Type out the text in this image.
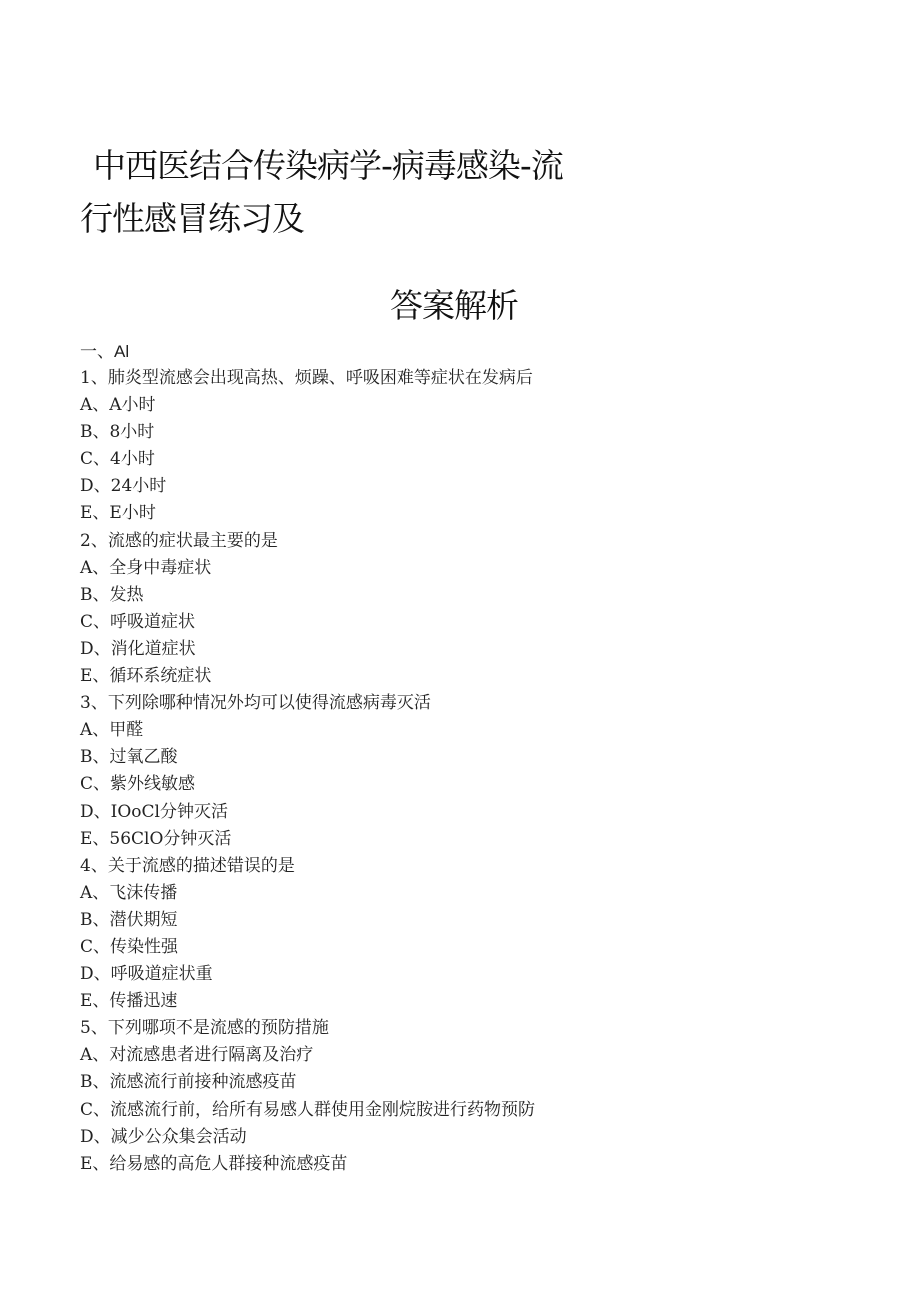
中西医结合传染病学-病毒感染-流
行性感冒练习及
答案解析
一、Al
1、肺炎型流感会出现高热、烦躁、呼吸困难等症状在发病后
A、A小时
B、8小时
C、4小时
D、24小时
E、E小时
2、流感的症状最主要的是
A、全身中毒症状
B、发热
C、呼吸道症状
D、消化道症状
E、循环系统症状
3、下列除哪种情况外均可以使得流感病毒灭活
A、甲醛
B、过氧乙酸
C、紫外线敏感
D、IOoCl分钟灭活
E、56ClO分钟灭活
4、关于流感的描述错误的是
A、飞沫传播
B、潜伏期短
C、传染性强
D、呼吸道症状重
E、传播迅速
5、下列哪项不是流感的预防措施
A、对流感患者进行隔离及治疗
B、流感流行前接种流感疫苗
C、流感流行前，给所有易感人群使用金刚烷胺进行药物预防
D、减少公众集会活动
E、给易感的高危人群接种流感疫苗
